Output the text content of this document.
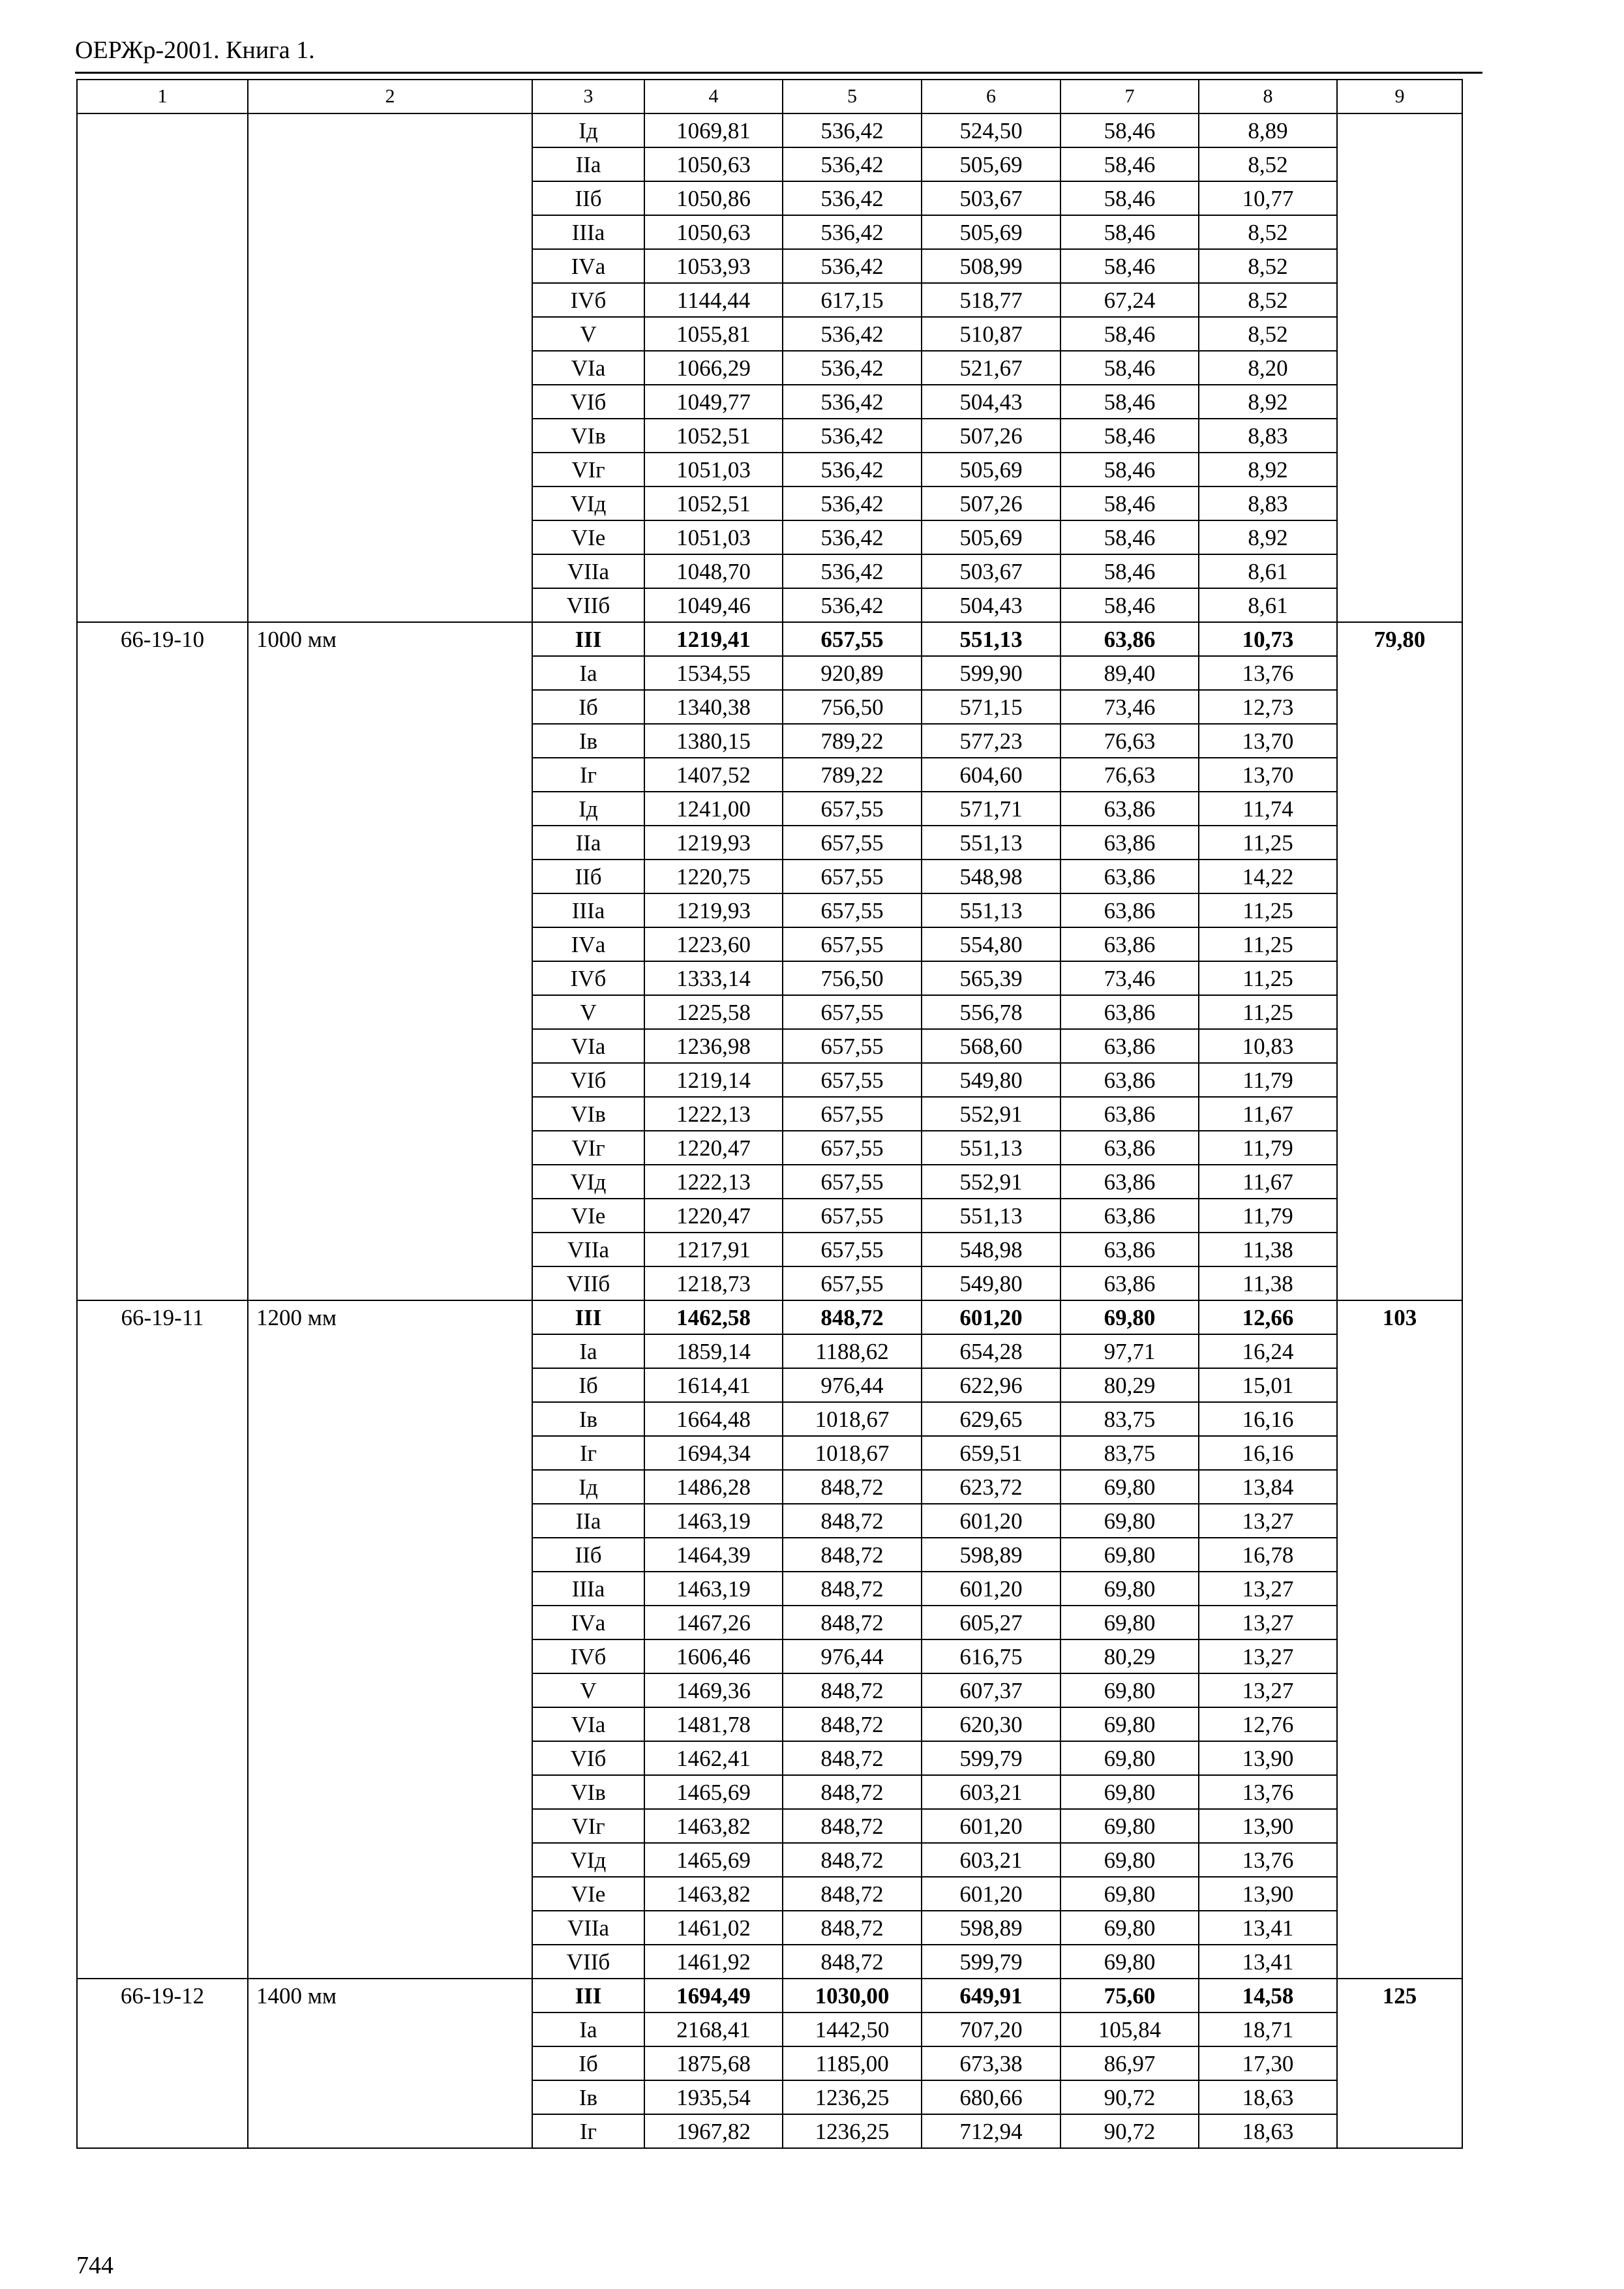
ОЕРЖр-2001. Книга 1.
1	2	3	4	5	6	7	8	9
		Iд	1069,81	536,42	524,50	58,46	8,89	
		IIа	1050,63	536,42	505,69	58,46	8,52	
		IIб	1050,86	536,42	503,67	58,46	10,77	
		IIIа	1050,63	536,42	505,69	58,46	8,52	
		IVа	1053,93	536,42	508,99	58,46	8,52	
		IVб	1144,44	617,15	518,77	67,24	8,52	
		V	1055,81	536,42	510,87	58,46	8,52	
		VIа	1066,29	536,42	521,67	58,46	8,20	
		VIб	1049,77	536,42	504,43	58,46	8,92	
		VIв	1052,51	536,42	507,26	58,46	8,83	
		VIг	1051,03	536,42	505,69	58,46	8,92	
		VIд	1052,51	536,42	507,26	58,46	8,83	
		VIе	1051,03	536,42	505,69	58,46	8,92	
		VIIа	1048,70	536,42	503,67	58,46	8,61	
		VIIб	1049,46	536,42	504,43	58,46	8,61	
66-19-10	1000 мм	III	1219,41	657,55	551,13	63,86	10,73	79,80
		Iа	1534,55	920,89	599,90	89,40	13,76	
		Iб	1340,38	756,50	571,15	73,46	12,73	
		Iв	1380,15	789,22	577,23	76,63	13,70	
		Iг	1407,52	789,22	604,60	76,63	13,70	
		Iд	1241,00	657,55	571,71	63,86	11,74	
		IIа	1219,93	657,55	551,13	63,86	11,25	
		IIб	1220,75	657,55	548,98	63,86	14,22	
		IIIа	1219,93	657,55	551,13	63,86	11,25	
		IVа	1223,60	657,55	554,80	63,86	11,25	
		IVб	1333,14	756,50	565,39	73,46	11,25	
		V	1225,58	657,55	556,78	63,86	11,25	
		VIа	1236,98	657,55	568,60	63,86	10,83	
		VIб	1219,14	657,55	549,80	63,86	11,79	
		VIв	1222,13	657,55	552,91	63,86	11,67	
		VIг	1220,47	657,55	551,13	63,86	11,79	
		VIд	1222,13	657,55	552,91	63,86	11,67	
		VIе	1220,47	657,55	551,13	63,86	11,79	
		VIIа	1217,91	657,55	548,98	63,86	11,38	
		VIIб	1218,73	657,55	549,80	63,86	11,38	
66-19-11	1200 мм	III	1462,58	848,72	601,20	69,80	12,66	103
		Iа	1859,14	1188,62	654,28	97,71	16,24	
		Iб	1614,41	976,44	622,96	80,29	15,01	
		Iв	1664,48	1018,67	629,65	83,75	16,16	
		Iг	1694,34	1018,67	659,51	83,75	16,16	
		Iд	1486,28	848,72	623,72	69,80	13,84	
		IIа	1463,19	848,72	601,20	69,80	13,27	
		IIб	1464,39	848,72	598,89	69,80	16,78	
		IIIа	1463,19	848,72	601,20	69,80	13,27	
		IVа	1467,26	848,72	605,27	69,80	13,27	
		IVб	1606,46	976,44	616,75	80,29	13,27	
		V	1469,36	848,72	607,37	69,80	13,27	
		VIа	1481,78	848,72	620,30	69,80	12,76	
		VIб	1462,41	848,72	599,79	69,80	13,90	
		VIв	1465,69	848,72	603,21	69,80	13,76	
		VIг	1463,82	848,72	601,20	69,80	13,90	
		VIд	1465,69	848,72	603,21	69,80	13,76	
		VIе	1463,82	848,72	601,20	69,80	13,90	
		VIIа	1461,02	848,72	598,89	69,80	13,41	
		VIIб	1461,92	848,72	599,79	69,80	13,41	
66-19-12	1400 мм	III	1694,49	1030,00	649,91	75,60	14,58	125
		Iа	2168,41	1442,50	707,20	105,84	18,71	
		Iб	1875,68	1185,00	673,38	86,97	17,30	
		Iв	1935,54	1236,25	680,66	90,72	18,63	
		Iг	1967,82	1236,25	712,94	90,72	18,63	
744
